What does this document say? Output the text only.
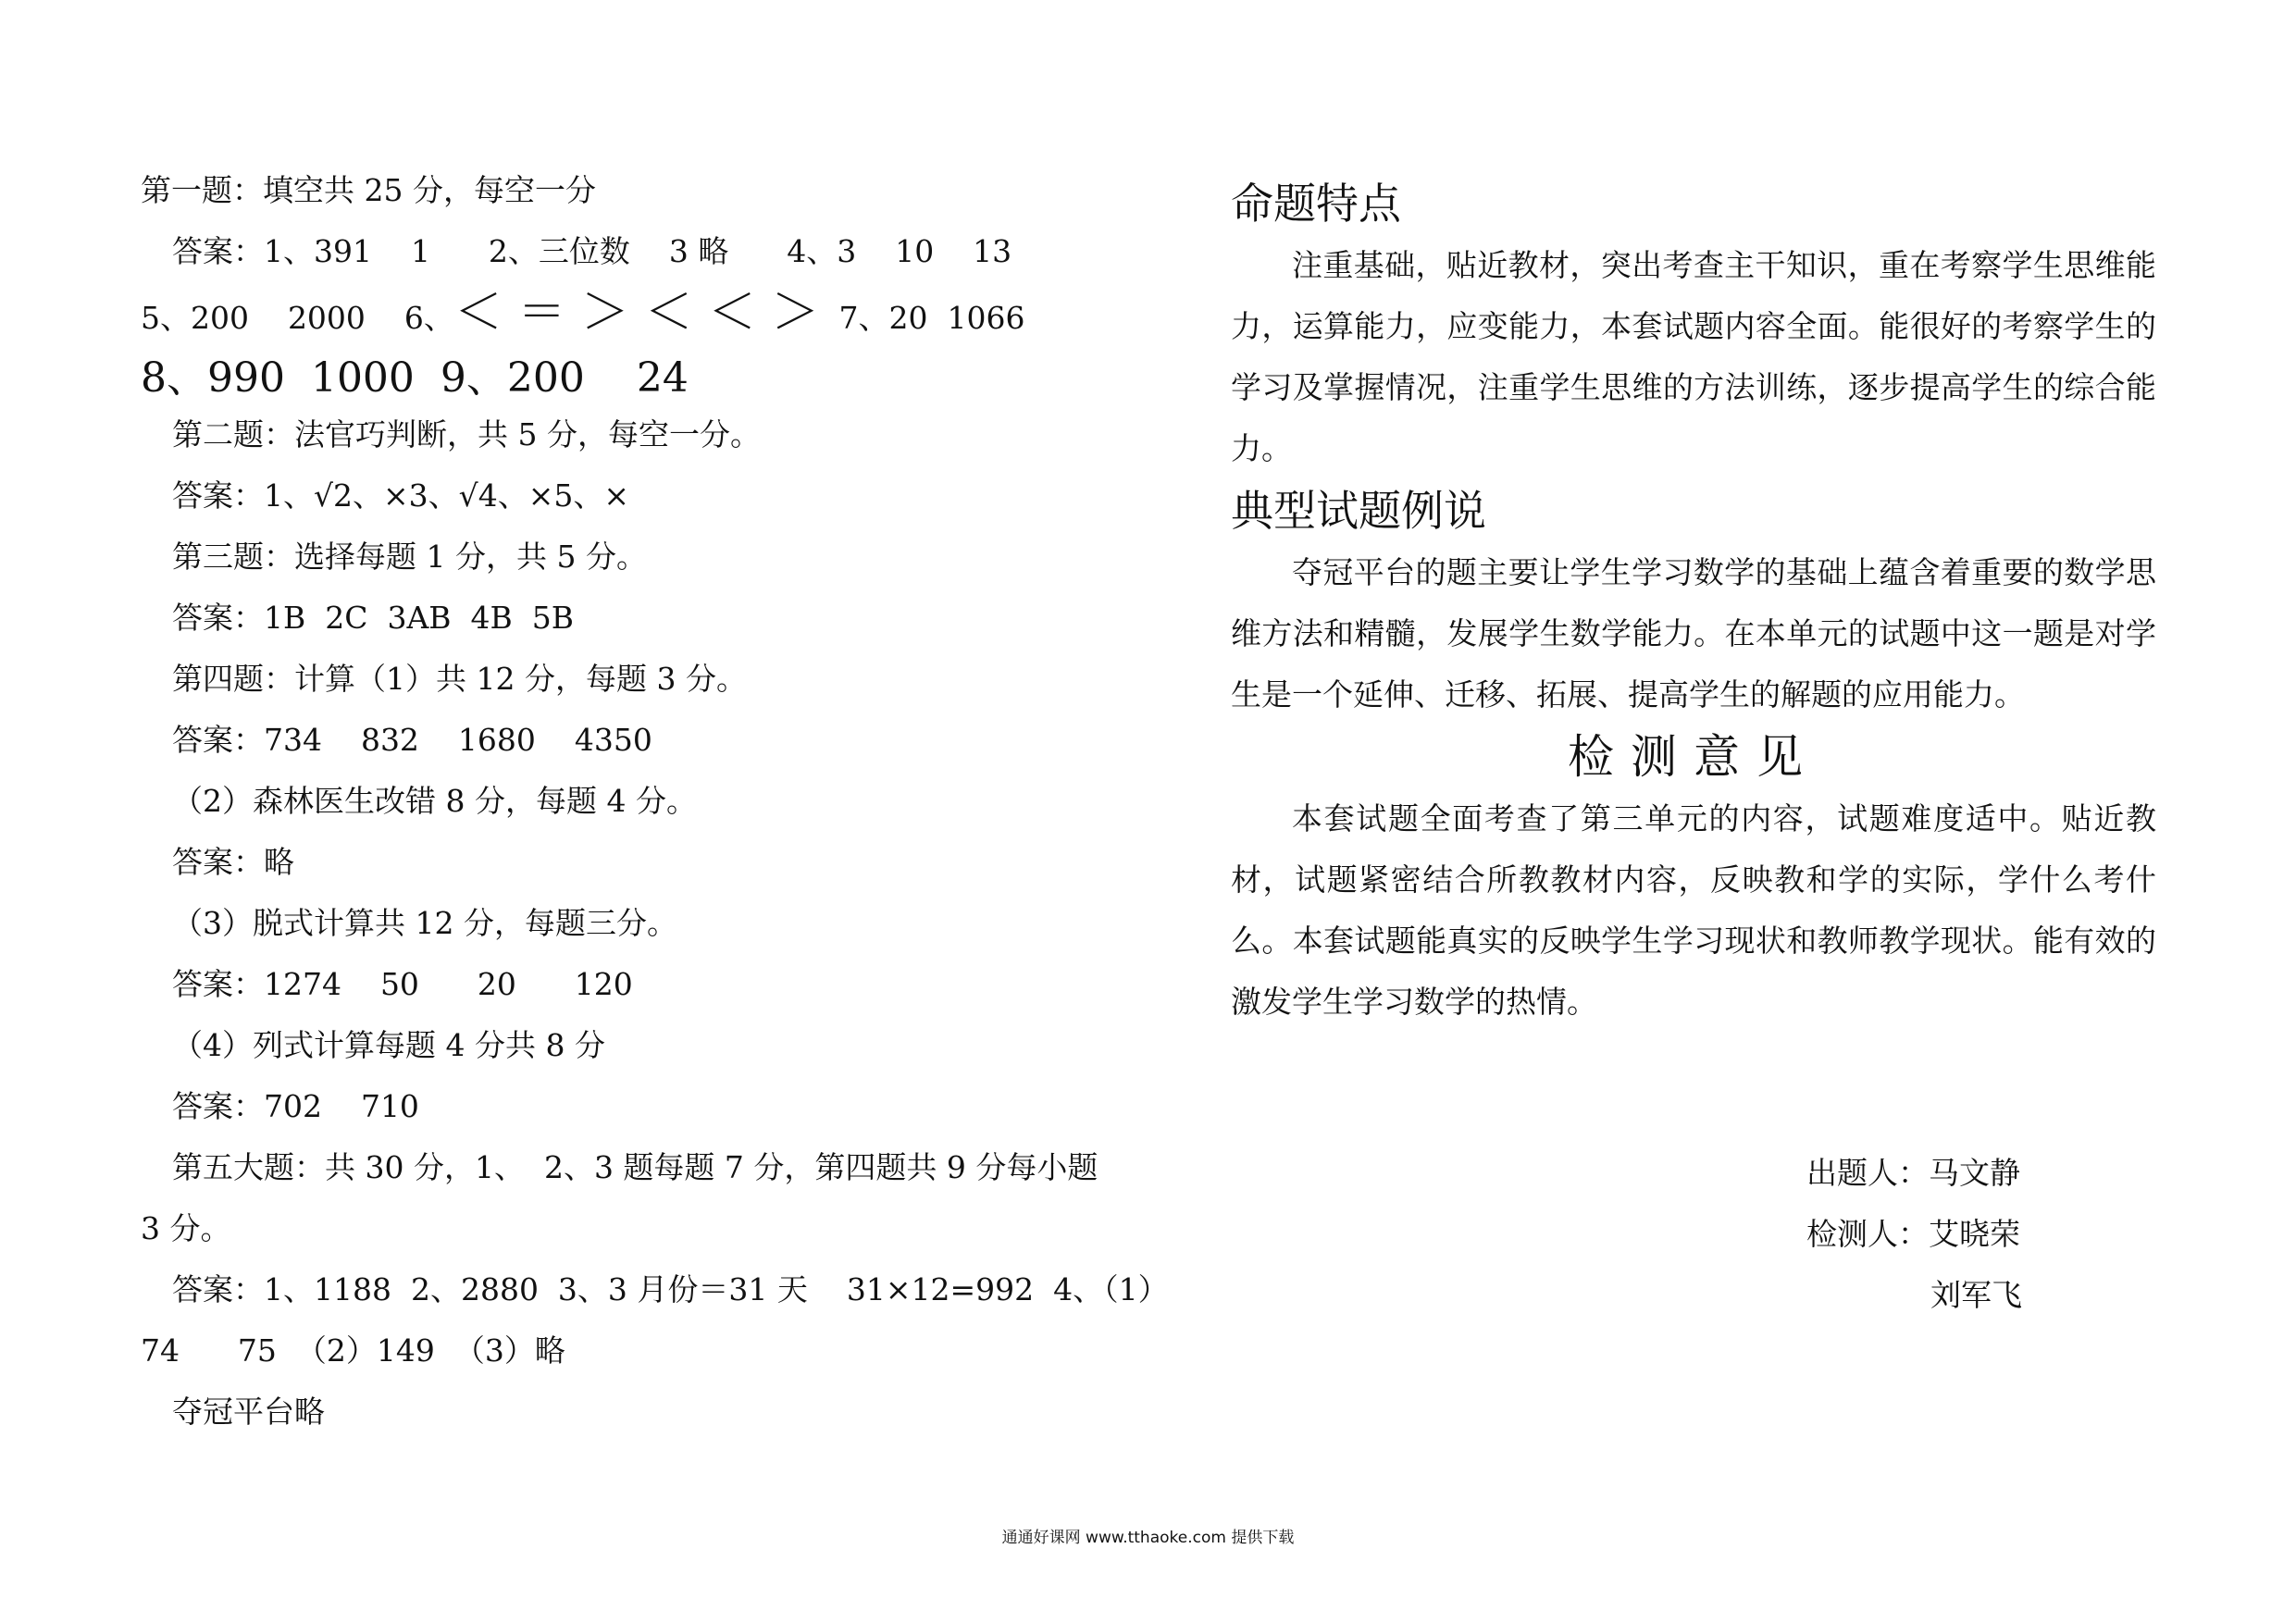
第一题：填空共 25 分，每空一分
答案：1、391    1      2、三位数    3 略      4、3    10    13
5、200    2000    6、＜ ＝ ＞ ＜ ＜ ＞  7、20  1066
8、990  1000  9、200    24
第二题：法官巧判断，共 5 分，每空一分。
答案：1、√2、×3、√4、×5、×
第三题：选择每题 1 分，共 5 分。
答案：1B  2C  3AB  4B  5B
第四题：计算（1）共 12 分，每题 3 分。
答案：734    832    1680    4350
（2）森林医生改错 8 分，每题 4 分。
答案：略
（3）脱式计算共 12 分，每题三分。
答案：1274    50      20      120
（4）列式计算每题 4 分共 8 分
答案：702    710
第五大题：共 30 分，1、  2、3 题每题 7 分，第四题共 9 分每小题
3 分。
答案：1、1188  2、2880  3、3 月份＝31 天    31×12=992  4、（1）
74      75  （2）149  （3）略
夺冠平台略

命题特点

注重基础，贴近教材，突出考查主干知识，重在考察学生思维能力，运算能力，应变能力，本套试题内容全面。能很好的考察学生的学习及掌握情况，注重学生思维的方法训练，逐步提高学生的综合能力。

典型试题例说

夺冠平台的题主要让学生学习数学的基础上蕴含着重要的数学思维方法和精髓，发展学生数学能力。在本单元的试题中这一题是对学生是一个延伸、迁移、拓展、提高学生的解题的应用能力。

检测意见

本套试题全面考查了第三单元的内容，试题难度适中。贴近教材，试题紧密结合所教教材内容，反映教和学的实际，学什么考什么。本套试题能真实的反映学生学习现状和教师教学现状。能有效的激发学生学习数学的热情。
出题人：马文静
检测人：艾晓荣
刘军飞
通通好课网 www.tthaoke.com 提供下载
